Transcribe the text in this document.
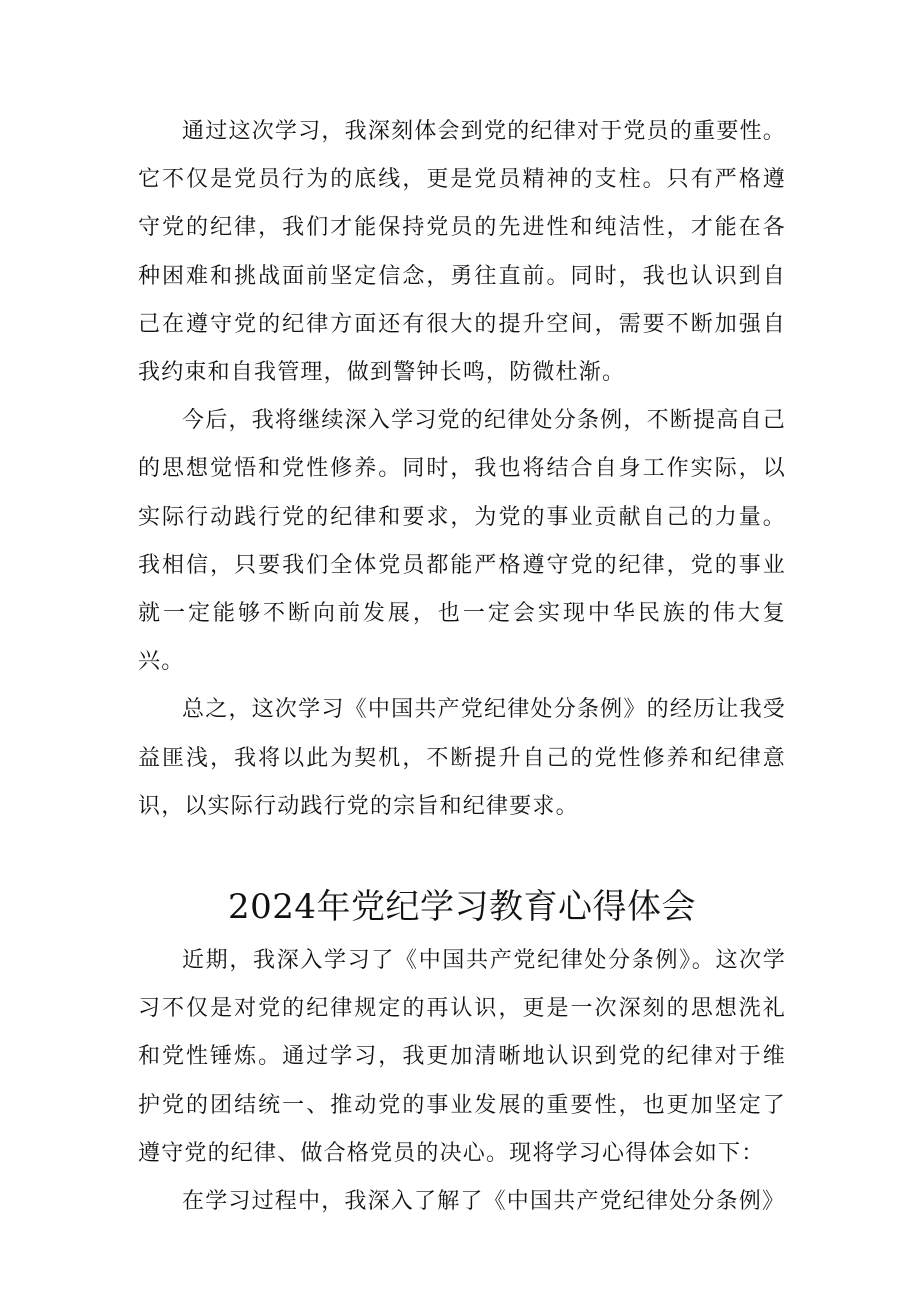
通过这次学习，我深刻体会到党的纪律对于党员的重要性。它不仅是党员行为的底线，更是党员精神的支柱。只有严格遵守党的纪律，我们才能保持党员的先进性和纯洁性，才能在各种困难和挑战面前坚定信念，勇往直前。同时，我也认识到自己在遵守党的纪律方面还有很大的提升空间，需要不断加强自我约束和自我管理，做到警钟长鸣，防微杜渐。

今后，我将继续深入学习党的纪律处分条例，不断提高自己的思想觉悟和党性修养。同时，我也将结合自身工作实际，以实际行动践行党的纪律和要求，为党的事业贡献自己的力量。我相信，只要我们全体党员都能严格遵守党的纪律，党的事业就一定能够不断向前发展，也一定会实现中华民族的伟大复兴。

总之，这次学习《中国共产党纪律处分条例》的经历让我受益匪浅，我将以此为契机，不断提升自己的党性修养和纪律意识，以实际行动践行党的宗旨和纪律要求。

2024年党纪学习教育心得体会

近期，我深入学习了《中国共产党纪律处分条例》。这次学习不仅是对党的纪律规定的再认识，更是一次深刻的思想洗礼和党性锤炼。通过学习，我更加清晰地认识到党的纪律对于维护党的团结统一、推动党的事业发展的重要性，也更加坚定了遵守党的纪律、做合格党员的决心。现将学习心得体会如下：

在学习过程中，我深入了解了《中国共产党纪律处分条例》
